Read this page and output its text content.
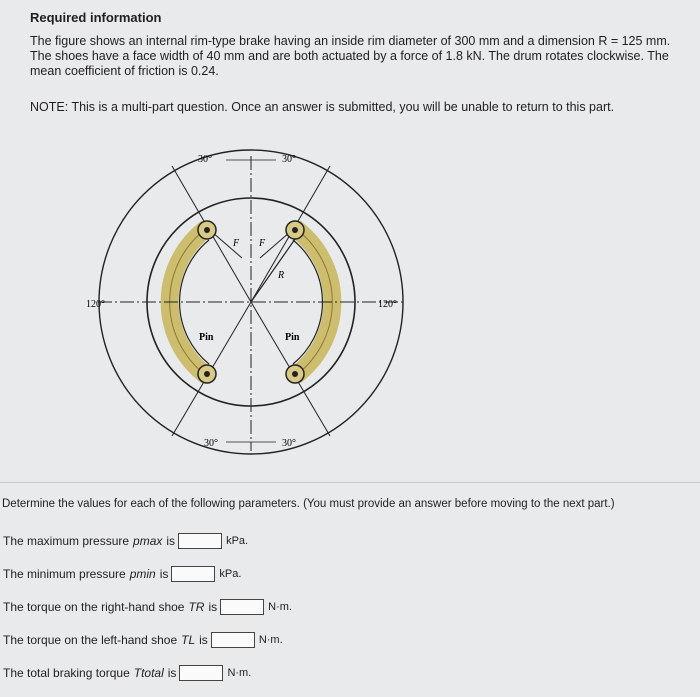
Required information
The figure shows an internal rim-type brake having an inside rim diameter of 300 mm and a dimension R = 125 mm. The shoes have a face width of 40 mm and are both actuated by a force of 1.8 kN. The drum rotates clockwise. The mean coefficient of friction is 0.24.
NOTE: This is a multi-part question. Once an answer is submitted, you will be unable to return to this part.
30°	30°
30°	30°
120°	120°
F F
R
Pin	Pin
Determine the values for each of the following parameters. (You must provide an answer before moving to the next part.)
The maximum pressure pmax is	kPa.
The minimum pressure pmin is	kPa.
The torque on the right-hand shoe TR is	N·m.
The torque on the left-hand shoe TL is	N·m.
The total braking torque Ttotal is	N·m.
